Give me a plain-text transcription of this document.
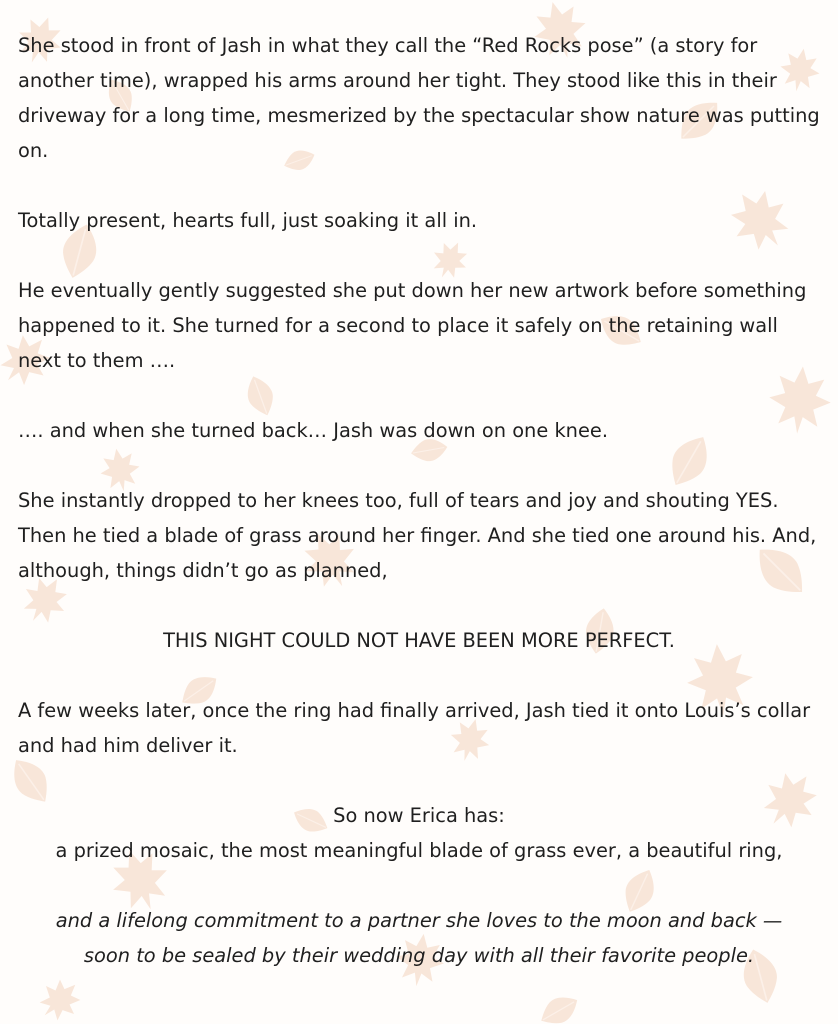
She stood in front of Jash in what they call the “Red Rocks pose” (a story for another time), wrapped his arms around her tight. They stood like this in their driveway for a long time, mesmerized by the spectacular show nature was putting on.

Totally present, hearts full, just soaking it all in.

He eventually gently suggested she put down her new artwork before something happened to it. She turned for a second to place it safely on the retaining wall next to them ….

…. and when she turned back… Jash was down on one knee.

She instantly dropped to her knees too, full of tears and joy and shouting YES. Then he tied a blade of grass around her finger. And she tied one around his. And, although, things didn’t go as planned,

THIS NIGHT COULD NOT HAVE BEEN MORE PERFECT.

A few weeks later, once the ring had finally arrived, Jash tied it onto Louis’s collar and had him deliver it.

So now Erica has:

a prized mosaic, the most meaningful blade of grass ever, a beautiful ring,

and a lifelong commitment to a partner she loves to the moon and back —

soon to be sealed by their wedding day with all their favorite people.
